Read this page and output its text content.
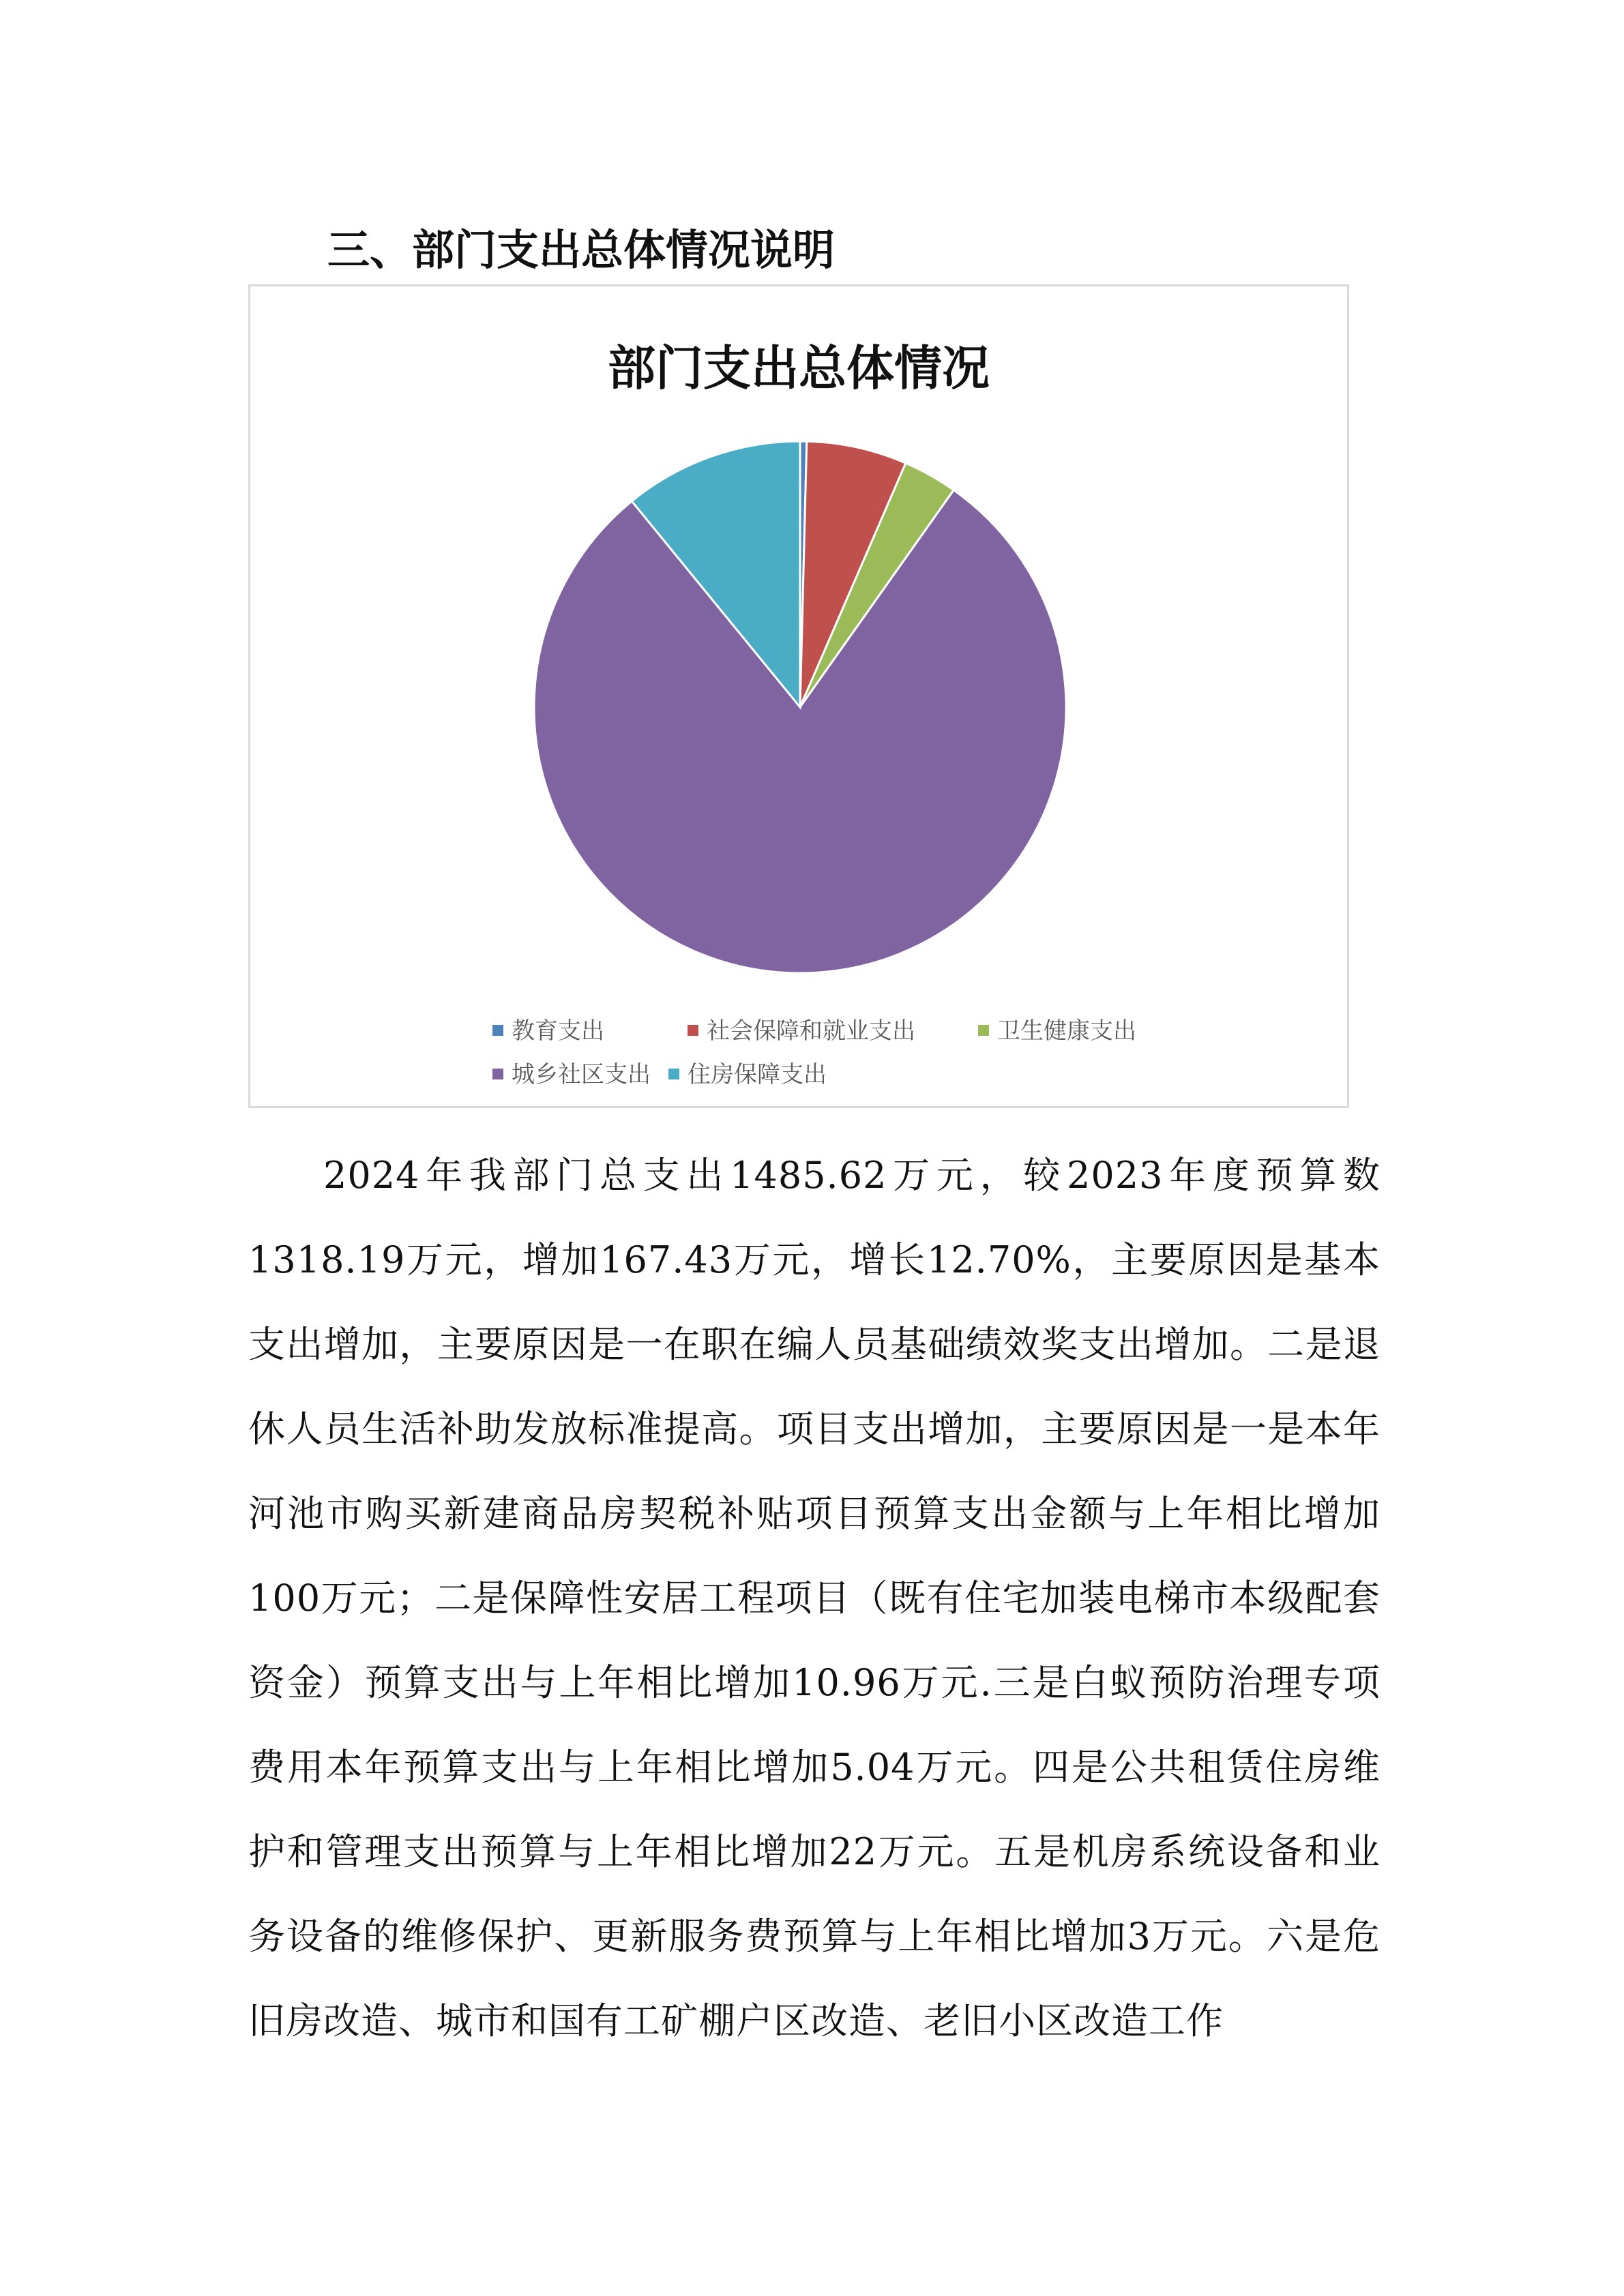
三、部门支出总体情况说明
部门支出总体情况
教育支出	社会保障和就业支出	卫生健康支出
城乡社区支出 住房保障支出

2024年我部门总支出1485.62万元，较2023年度预算数1318.19万元，增加167.43万元，增长12.70%，主要原因是基本支出增加，主要原因是一在职在编人员基础绩效奖支出增加。二是退休人员生活补助发放标准提高。项目支出增加，主要原因是一是本年河池市购买新建商品房契税补贴项目预算支出金额与上年相比增加100万元；二是保障性安居工程项目（既有住宅加装电梯市本级配套资金）预算支出与上年相比增加10.96万元.三是白蚁预防治理专项费用本年预算支出与上年相比增加5.04万元。四是公共租赁住房维护和管理支出预算与上年相比增加22万元。五是机房系统设备和业务设备的维修保护、更新服务费预算与上年相比增加3万元。六是危旧房改造、城市和国有工矿棚户区改造、老旧小区改造工作
